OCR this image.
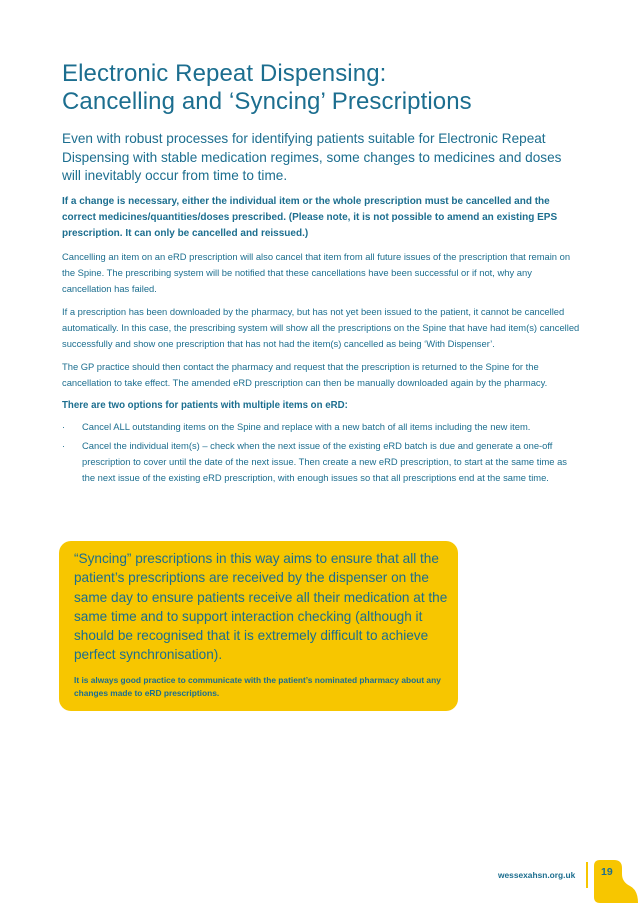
Electronic Repeat Dispensing:
Cancelling and ‘Syncing’ Prescriptions

Even with robust processes for identifying patients suitable for Electronic Repeat Dispensing with stable medication regimes, some changes to medicines and doses will inevitably occur from time to time.

If a change is necessary, either the individual item or the whole prescription must be cancelled and the correct medicines/quantities/doses prescribed. (Please note, it is not possible to amend an existing EPS prescription. It can only be cancelled and reissued.)

Cancelling an item on an eRD prescription will also cancel that item from all future issues of the prescription that remain on the Spine. The prescribing system will be notified that these cancellations have been successful or if not, why any cancellation has failed.

If a prescription has been downloaded by the pharmacy, but has not yet been issued to the patient, it cannot be cancelled automatically. In this case, the prescribing system will show all the prescriptions on the Spine that have had item(s) cancelled successfully and show one prescription that has not had the item(s) cancelled as being ‘With Dispenser’.

The GP practice should then contact the pharmacy and request that the prescription is returned to the Spine for the cancellation to take effect. The amended eRD prescription can then be manually downloaded again by the pharmacy.

There are two options for patients with multiple items on eRD:

· Cancel ALL outstanding items on the Spine and replace with a new batch of all items including the new item.
· Cancel the individual item(s) – check when the next issue of the existing eRD batch is due and generate a one-off prescription to cover until the date of the next issue. Then create a new eRD prescription, to start at the same time as the next issue of the existing eRD prescription, with enough issues so that all prescriptions end at the same time.
“Syncing” prescriptions in this way aims to ensure that all the patient’s prescriptions are received by the dispenser on the same day to ensure patients receive all their medication at the same time and to support interaction checking (although it should be recognised that it is extremely difficult to achieve perfect synchronisation).
It is always good practice to communicate with the patient’s nominated pharmacy about any changes made to eRD prescriptions.
wessexahsn.org.uk 19
